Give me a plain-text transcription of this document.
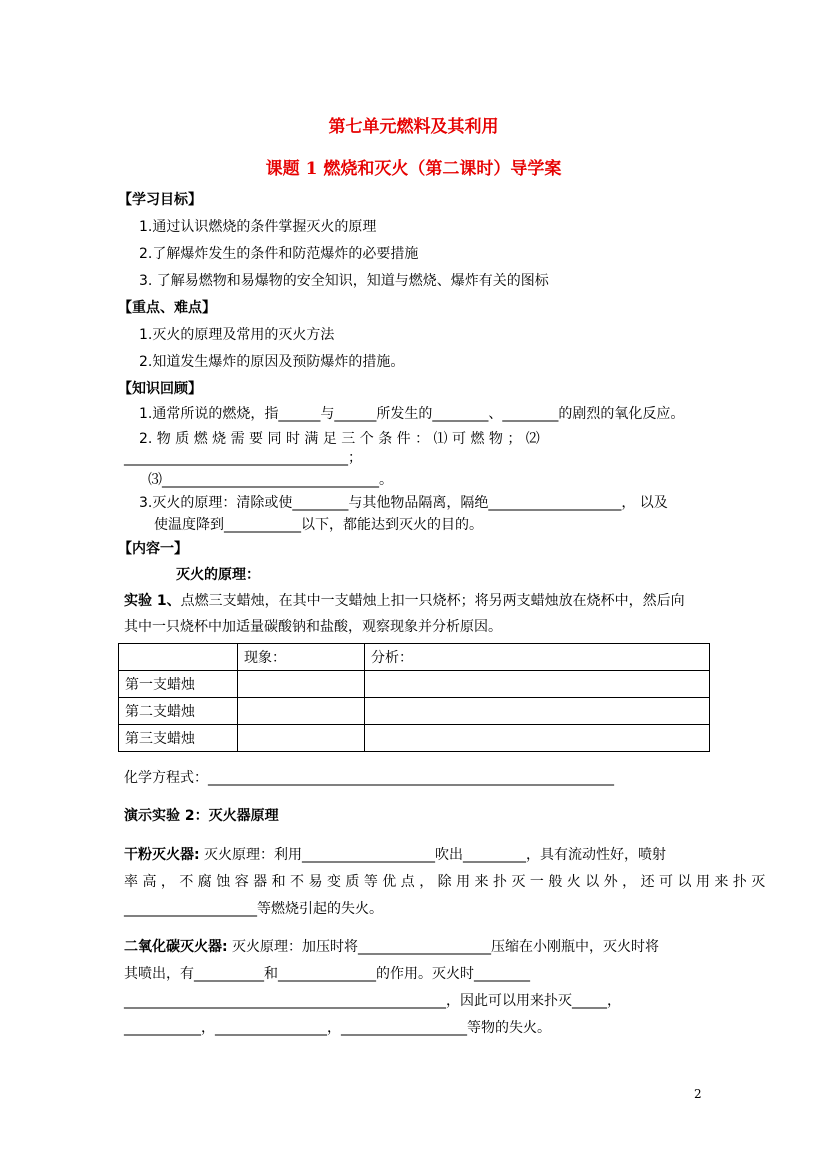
第七单元燃料及其利用
课题 1 燃烧和灭火（第二课时）导学案

【学习目标】

1.通过认识燃烧的条件掌握灭火的原理

2.了解爆炸发生的条件和防范爆炸的必要措施

3. 了解易燃物和易爆物的安全知识，知道与燃烧、爆炸有关的图标

【重点、难点】

1.灭火的原理及常用的灭火方法

2.知道发生爆炸的原因及预防爆炸的措施。

【知识回顾】

1.通常所说的燃烧，指______与______所发生的________、________的剧烈的氧化反应。

2. 物 质 燃 烧 需 要 同 时 满 足 三 个 条 件 ： ⑴ 可 燃 物 ； ⑵

________________________________；

⑶_______________________________。

3.灭火的原理：清除或使________与其他物品隔离，隔绝___________________， 以及

使温度降到___________以下，都能达到灭火的目的。

【内容一】

灭火的原理：

实验 1、点燃三支蜡烛，在其中一支蜡烛上扣一只烧杯；将另两支蜡烛放在烧杯中，然后向

其中一只烧杯中加适量碳酸钠和盐酸，观察现象并分析原因。

	现象：	分析：
第一支蜡烛		
第二支蜡烛		
第三支蜡烛		

化学方程式：__________________________________________________________

演示实验 2：灭火器原理

干粉灭火器: 灭火原理：利用___________________吹出_________，具有流动性好，喷射

率 高 ， 不 腐 蚀 容 器 和 不 易 变 质 等 优 点 ， 除 用 来 扑 灭 一 般 火 以 外 ， 还 可 以 用 来 扑 灭

___________________等燃烧引起的失火。

二氧化碳灭火器: 灭火原理：加压时将___________________压缩在小刚瓶中，灭火时将

其喷出，有__________和______________的作用。灭火时________

______________________________________________，因此可以用来扑灭_____，

___________，________________，__________________等物的失火。

2
